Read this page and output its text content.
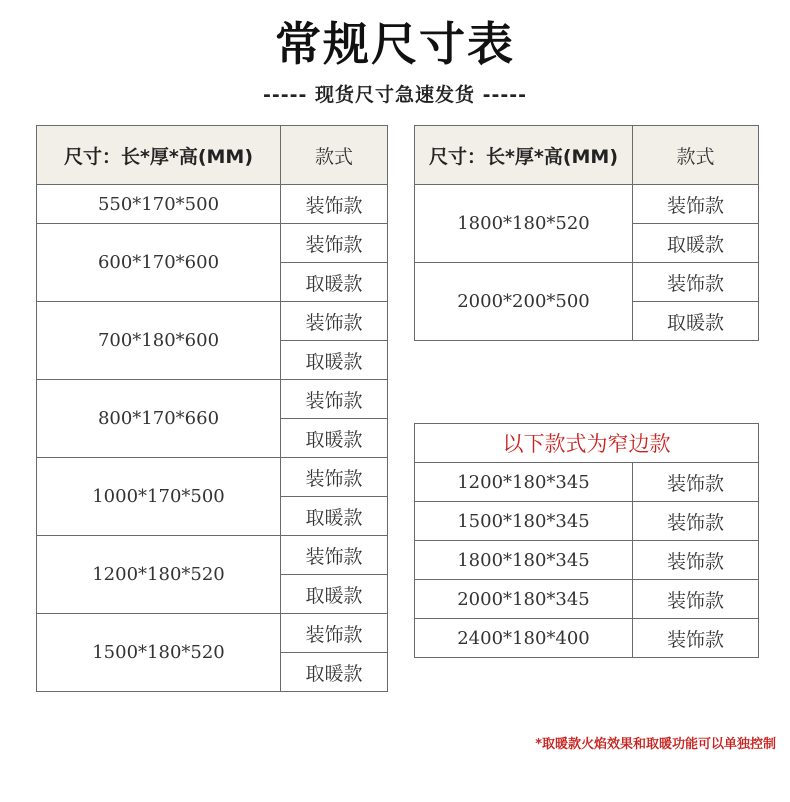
常规尺寸表
----- 现货尺寸急速发货 -----
尺寸：长*厚*高(MM)	款式
550*170*500	装饰款
600*170*600	装饰款
	取暖款
700*180*600	装饰款
	取暖款
800*170*660	装饰款
	取暖款
1000*170*500	装饰款
	取暖款
1200*180*520	装饰款
	取暖款
1500*180*520	装饰款
	取暖款
尺寸：长*厚*高(MM)	款式
1800*180*520	装饰款
	取暖款
2000*200*500	装饰款
	取暖款
以下款式为窄边款	
1200*180*345	装饰款
1500*180*345	装饰款
1800*180*345	装饰款
2000*180*345	装饰款
2400*180*400	装饰款
*取暖款火焰效果和取暖功能可以单独控制
